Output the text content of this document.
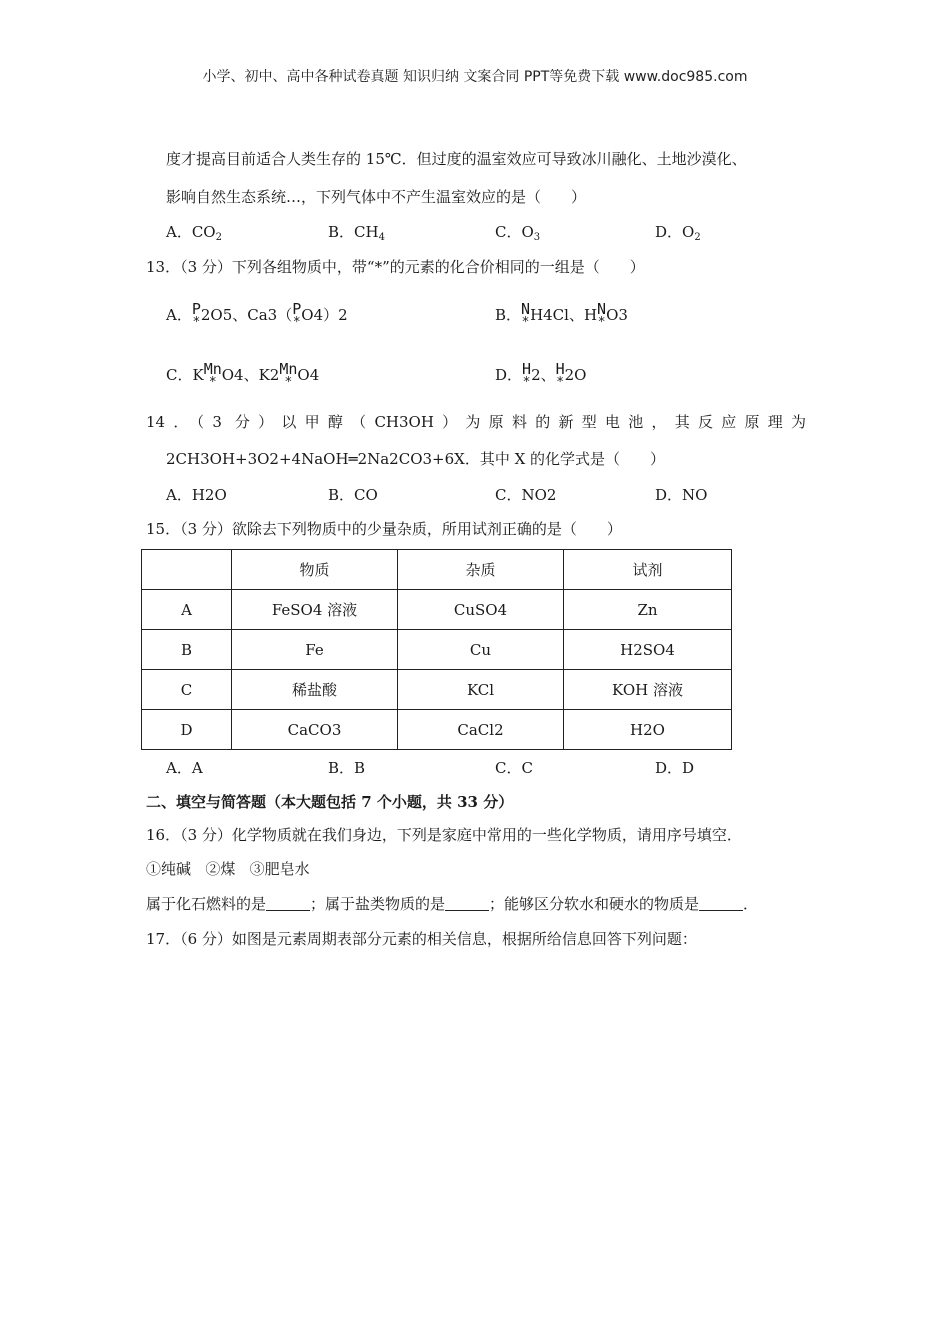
小学、初中、高中各种试卷真题 知识归纳 文案合同 PPT等免费下载 www.doc985.com
度才提高目前适合人类生存的 15℃．但过度的温室效应可导致冰川融化、土地沙漠化、
影响自然生态系统…，下列气体中不产生温室效应的是（　　）
A．$CO_2$	B．$CH_4$	C．$O_3$	D．$O_2$
13．（3 分）下列各组物质中，带“*”的元素的化合价相同的一组是（　　）
A．P
* 2O5、Ca3（P
* O4）2	B．N
* H4Cl、HN
* O3
C．KMn
* O4、K2Mn
* O4	D．H
* 2、H
* 2O
14．（3 分）以甲醇（CH3OH）为原料的新型电池，其反应原理为
2CH3OH+3O2+4NaOH═2Na2CO3+6X．其中 X 的化学式是（　　）
A．H2O	B．CO	C．NO2	D．NO
15．（3 分）欲除去下列物质中的少量杂质，所用试剂正确的是（　　）
	物质	杂质	试剂
A	FeSO4 溶液	CuSO4	Zn
B	Fe	Cu	H2SO4
C	稀盐酸	KCl	KOH 溶液
D	CaCO3	CaCl2	H2O
A．A	B．B	C．C	D．D
二、填空与简答题（本大题包括 7 个小题，共 33 分）
16．（3 分）化学物质就在我们身边，下列是家庭中常用的一些化学物质，请用序号填空．
①纯碱 ②煤 ③肥皂水
属于化石燃料的是	；属于盐类物质的是	；能够区分软水和硬水的物质是	．
17．（6 分）如图是元素周期表部分元素的相关信息，根据所给信息回答下列问题：
